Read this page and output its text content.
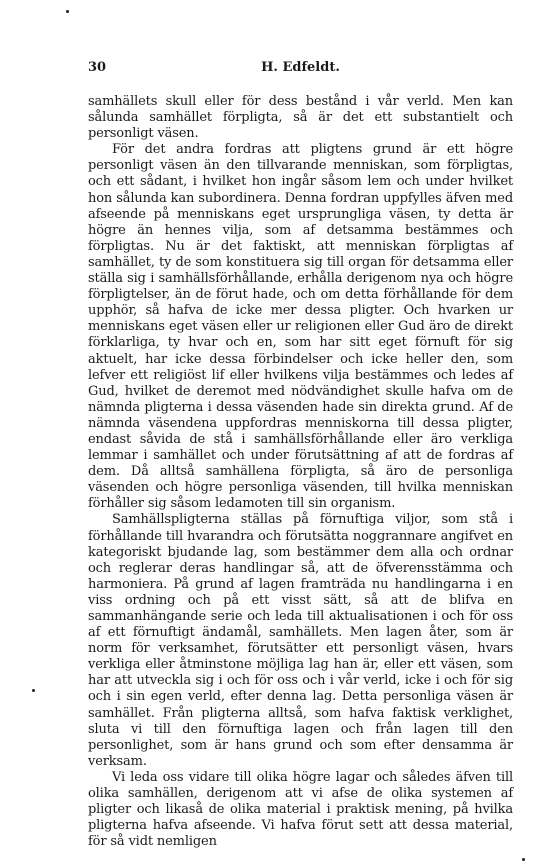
30	H. Edfeldt.

samhällets skull eller för dess bestånd i vår verld. Men kan sålunda samhället förpligta, så är det ett substantielt och personligt väsen.

För det andra fordras att pligtens grund är ett högre personligt väsen än den tillvarande menniskan, som förpligtas, och ett sådant, i hvilket hon ingår såsom lem och under hvilket hon sålunda kan subordinera. Denna fordran uppfylles äfven med afseende på menniskans eget ursprungliga väsen, ty detta är högre än hennes vilja, som af detsamma bestämmes och förpligtas. Nu är det faktiskt, att menniskan förpligtas af samhället, ty de som konstituera sig till organ för detsamma eller ställa sig i samhällsförhållande, erhålla derigenom nya och högre förpligtelser, än de förut hade, och om detta förhållande för dem upphör, så hafva de icke mer dessa pligter. Och hvarken ur menniskans eget väsen eller ur religionen eller Gud äro de direkt förklarliga, ty hvar och en, som har sitt eget förnuft för sig aktuelt, har icke dessa förbindelser och icke heller den, som lefver ett religiöst lif eller hvilkens vilja bestämmes och ledes af Gud, hvilket de deremot med nödvändighet skulle hafva om de nämnda pligterna i dessa väsenden hade sin direkta grund. Af de nämnda väsendena uppfordras menniskorna till dessa pligter, endast såvida de stå i samhällsförhållande eller äro verkliga lemmar i samhället och under förutsättning af att de fordras af dem. Då alltså samhällena förpligta, så äro de personliga väsenden och högre personliga väsenden, till hvilka menniskan förhåller sig såsom ledamoten till sin organism.

Samhällspligterna ställas på förnuftiga viljor, som stå i förhållande till hvarandra och förutsätta noggrannare angifvet en kategoriskt bjudande lag, som bestämmer dem alla och ordnar och reglerar deras handlingar så, att de öfverensstämma och harmoniera. På grund af lagen framträda nu handlingarna i en viss ordning och på ett visst sätt, så att de blifva en sammanhängande serie och leda till aktualisationen i och för oss af ett förnuftigt ändamål, samhällets. Men lagen åter, som är norm för verksamhet, förutsätter ett personligt väsen, hvars verkliga eller åtminstone möjliga lag han är, eller ett väsen, som har att utveckla sig i och för oss och i vår verld, icke i och för sig och i sin egen verld, efter denna lag. Detta personliga väsen är samhället. Från pligterna alltså, som hafva faktisk verklighet, sluta vi till den förnuftiga lagen och från lagen till den personlighet, som är hans grund och som efter densamma är verksam.

Vi leda oss vidare till olika högre lagar och således äfven till olika samhällen, derigenom att vi afse de olika systemen af pligter och likaså de olika material i praktisk mening, på hvilka pligterna hafva afseende. Vi hafva förut sett att dessa material, för så vidt nemligen
